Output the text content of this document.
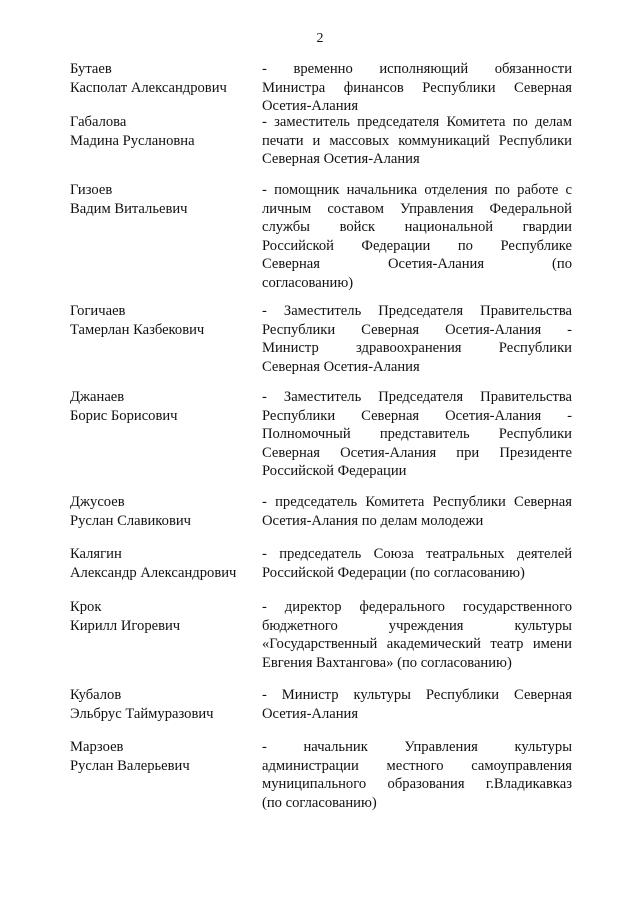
2
Бутаев
Касполат Александрович
- временно исполняющий обязанности
Министра финансов Республики Северная
Осетия-Алания
Габалова
Мадина Руслановна
- заместитель председателя Комитета по делам
печати и массовых коммуникаций Республики
Северная Осетия-Алания
Гизоев
Вадим Витальевич
- помощник начальника отделения по работе с
личным составом Управления Федеральной
службы войск национальной гвардии
Российской Федерации по Республике
Северная Осетия-Алания (по
согласованию)
Гогичаев
Тамерлан Казбекович
- Заместитель Председателя Правительства
Республики Северная Осетия-Алания -
Министр здравоохранения Республики
Северная Осетия-Алания
Джанаев
Борис Борисович
- Заместитель Председателя Правительства
Республики Северная Осетия-Алания -
Полномочный представитель Республики
Северная Осетия-Алания при Президенте
Российской Федерации
Джусоев
Руслан Славикович
- председатель Комитета Республики Северная
Осетия-Алания по делам молодежи
Калягин
Александр Александрович
- председатель Союза театральных деятелей
Российской Федерации (по согласованию)
Крок
Кирилл Игоревич
- директор федерального государственного
бюджетного учреждения культуры
«Государственный академический театр имени
Евгения Вахтангова» (по согласованию)
Кубалов
Эльбрус Таймуразович
- Министр культуры Республики Северная
Осетия-Алания
Марзоев
Руслан Валерьевич
- начальник Управления культуры
администрации местного самоуправления
муниципального образования г.Владикавказ
(по согласованию)
